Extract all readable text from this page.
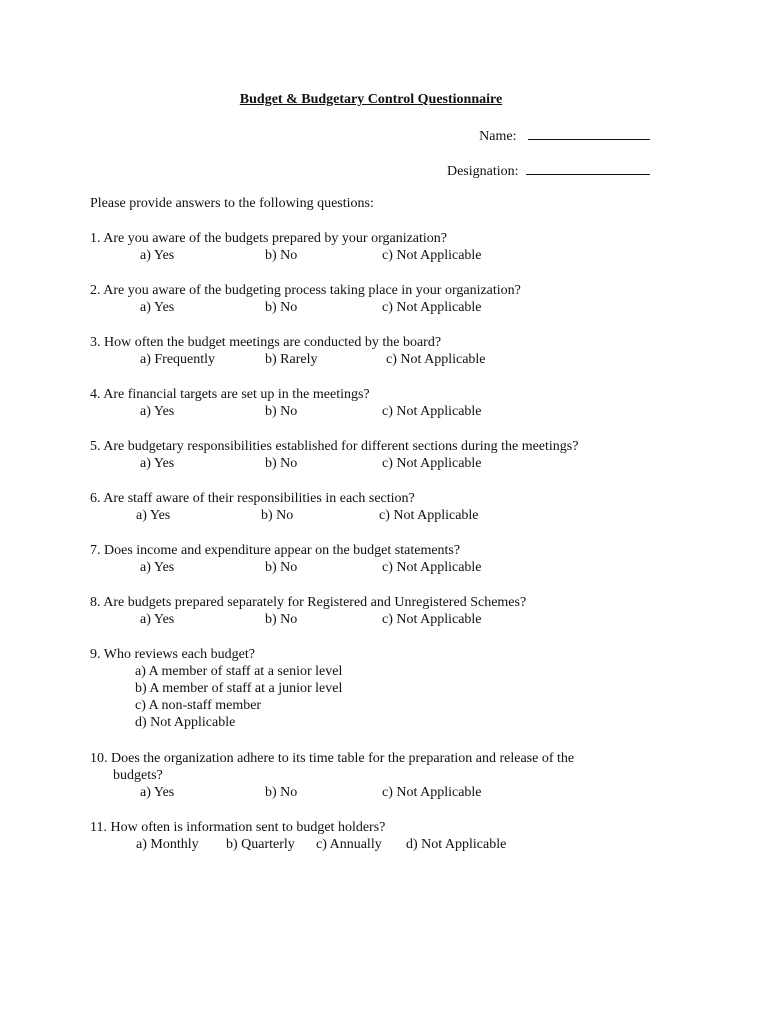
Budget & Budgetary Control Questionnaire
Name:
Designation:
Please provide answers to the following questions:
1. Are you aware of the budgets prepared by your organization?
a) Yes	b) No	c) Not Applicable
2. Are you aware of the budgeting process taking place in your organization?
a) Yes	b) No	c) Not Applicable
3. How often the budget meetings are conducted by the board?
a) Frequently	b) Rarely	c) Not Applicable
4. Are financial targets are set up in the meetings?
a) Yes	b) No	c) Not Applicable
5. Are budgetary responsibilities established for different sections during the meetings?
a) Yes	b) No	c) Not Applicable
6. Are staff aware of their responsibilities in each section?
a) Yes	b) No	c) Not Applicable
7. Does income and expenditure appear on the budget statements?
a) Yes	b) No	c) Not Applicable
8. Are budgets prepared separately for Registered and Unregistered Schemes?
a) Yes	b) No	c) Not Applicable
9. Who reviews each budget?
a) A member of staff at a senior level
b) A member of staff at a junior level
c) A non-staff member
d) Not Applicable
10. Does the organization adhere to its time table for the preparation and release of the
budgets?
a) Yes	b) No	c) Not Applicable
11. How often is information sent to budget holders?
a) Monthly b) Quarterly c) Annually d) Not Applicable
